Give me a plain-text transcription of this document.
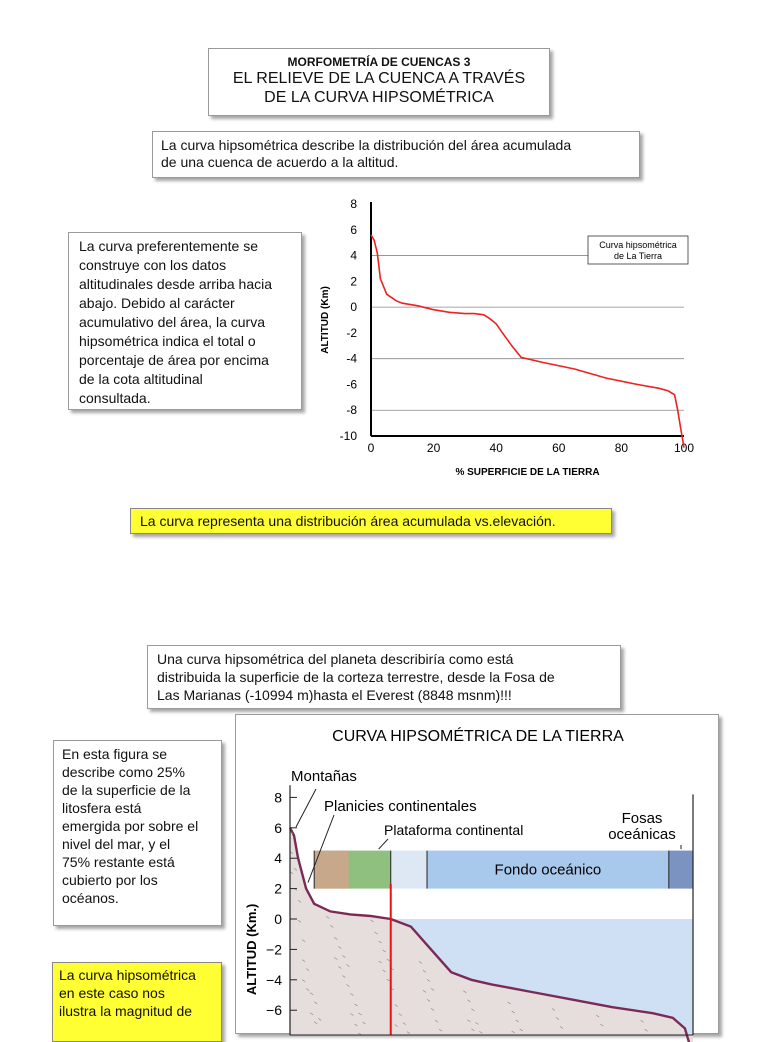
MORFOMETRÍA DE CUENCAS 3
EL RELIEVE DE LA CUENCA A TRAVÉS
DE LA CURVA HIPSOMÉTRICA
La curva hipsométrica describe la distribución del área acumulada
de una cuenca de acuerdo a la altitud.
La curva preferentemente se
construye con los datos
altitudinales desde arriba hacia
abajo. Debido al carácter
acumulativo del área, la curva
hipsométrica indica el total o
porcentaje de área por encima
de la cota altitudinal
consultada.
8
6
4
2
0
-2
-4
-6
-8
-10
0	20	40	60	80	100
% SUPERFICIE DE LA TIERRA
ALTITUD (Km)
Curva hipsométrica
de La Tierra
La curva representa una distribución área acumulada vs.elevación.
Una curva hipsométrica del planeta describiría como está
distribuida la superficie de la corteza terrestre, desde la Fosa de
Las Marianas (-10994 m)hasta el Everest (8848 msnm)!!!
En esta figura se
describe como 25%
de la superficie de la
litosfera está
emergida por sobre el
nivel del mar, y el
75% restante está
cubierto por los
océanos.
La curva hipsométrica
en este caso nos
ilustra la magnitud de
CURVA HIPSOMÉTRICA DE LA TIERRA
8
6
4
2
0
−2
−4
−6
ALTITUD (Km.)
Montañas
Planicies continentales
Plataforma continental
Fosas
oceánicas
Fondo oceánico
